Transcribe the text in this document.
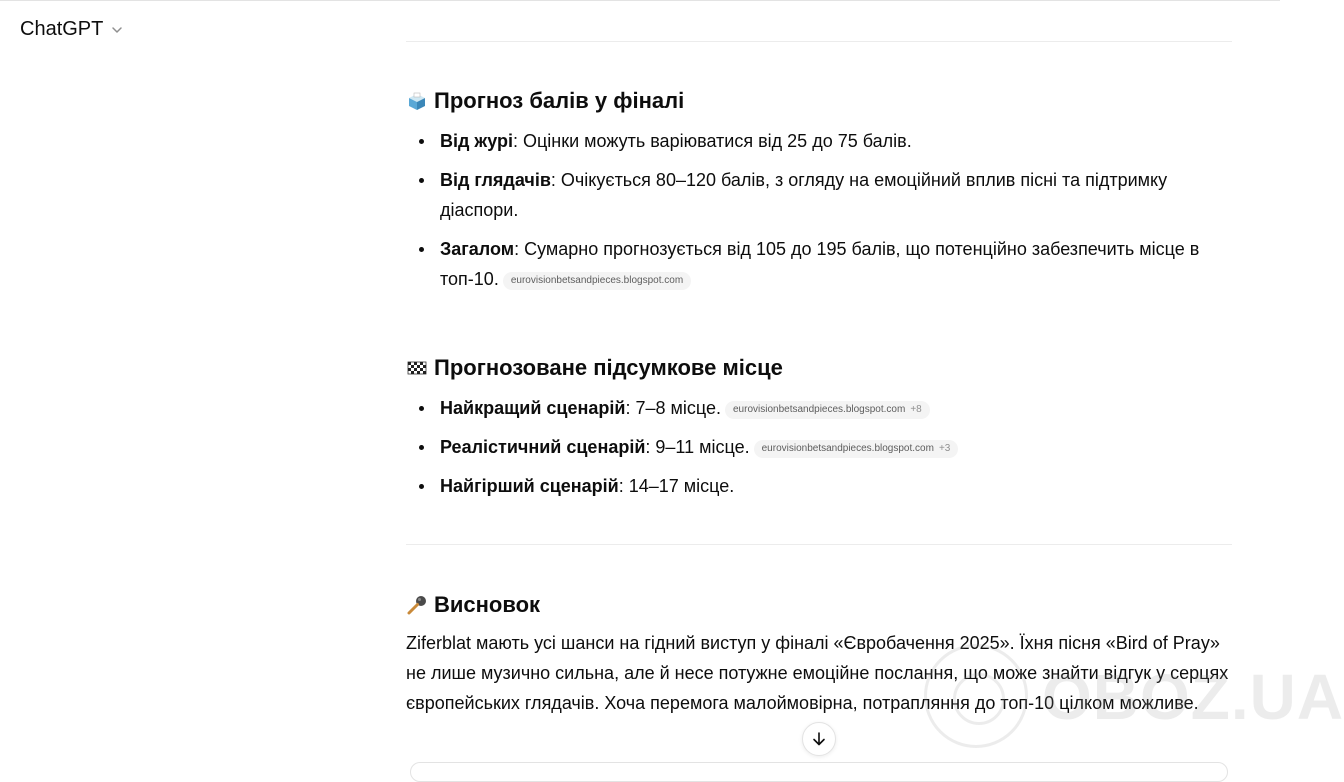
ChatGPT
Прогноз балів у фіналі
Від журі: Оцінки можуть варіюватися від 25 до 75 балів.
Від глядачів: Очікується 80–120 балів, з огляду на емоційний вплив пісні та підтримку діаспори.
Загалом: Сумарно прогнозується від 105 до 195 балів, що потенційно забезпечить місце в топ-10. eurovisionbetsandpieces.blogspot.com
Прогнозоване підсумкове місце
Найкращий сценарій: 7–8 місце. eurovisionbetsandpieces.blogspot.com +8
Реалістичний сценарій: 9–11 місце. eurovisionbetsandpieces.blogspot.com +3
Найгірший сценарій: 14–17 місце.
Висновок

Ziferblat мають усі шанси на гідний виступ у фіналі «Євробачення 2025». Їхня пісня «Bird of Pray» не лише музично сильна, але й несе потужне емоційне послання, що може знайти відгук у серцях європейських глядачів. Хоча перемога малоймовірна, потрапляння до топ-10 цілком можливе.

OBOZ.UA
